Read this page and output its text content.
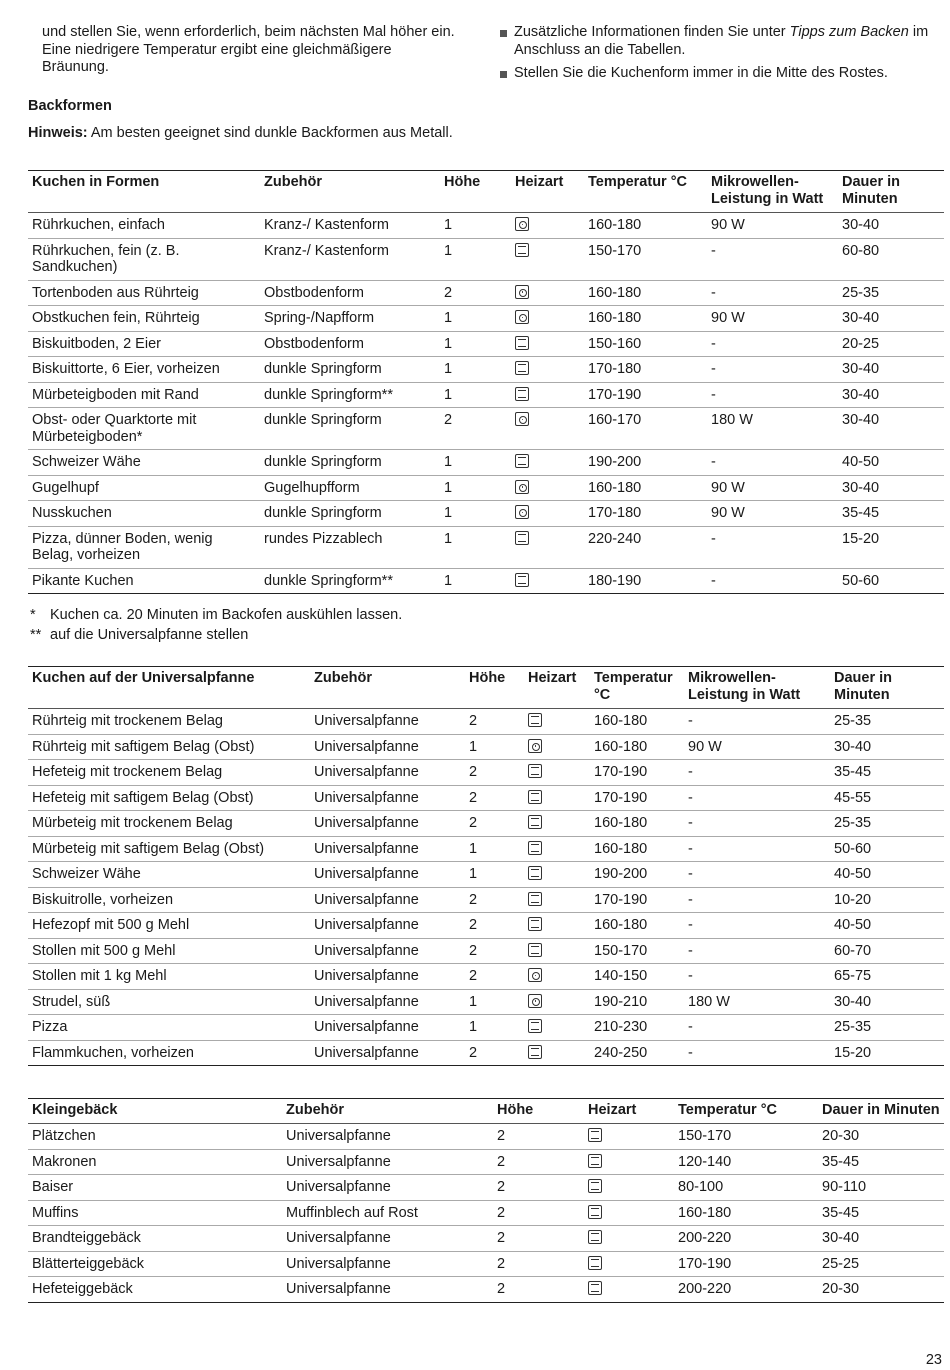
und stellen Sie, wenn erforderlich, beim nächsten Mal höher ein. Eine niedrigere Temperatur ergibt eine gleichmäßigere Bräunung.

Backformen

Hinweis: Am besten geeignet sind dunkle Backformen aus Metall.

Zusätzliche Informationen finden Sie unter Tipps zum Backen im Anschluss an die Tabellen.
Stellen Sie die Kuchenform immer in die Mitte des Rostes.
Kuchen in Formen	Zubehör	Höhe	Heizart	Temperatur °C	Mikrowellen-Leistung in Watt	Dauer in Minuten
Rührkuchen, einfach	Kranz-/ Kastenform	1		160-180	90 W	30-40
Rührkuchen, fein (z. B. Sandkuchen)	Kranz-/ Kastenform	1		150-170	-	60-80
Tortenboden aus Rührteig	Obstbodenform	2		160-180	-	25-35
Obstkuchen fein, Rührteig	Spring-/Napfform	1		160-180	90 W	30-40
Biskuitboden, 2 Eier	Obstbodenform	1		150-160	-	20-25
Biskuittorte, 6 Eier, vorheizen	dunkle Springform	1		170-180	-	30-40
Mürbeteigboden mit Rand	dunkle Springform**	1		170-190	-	30-40
Obst- oder Quarktorte mit Mürbeteigboden*	dunkle Springform	2		160-170	180 W	30-40
Schweizer Wähe	dunkle Springform	1		190-200	-	40-50
Gugelhupf	Gugelhupfform	1		160-180	90 W	30-40
Nusskuchen	dunkle Springform	1		170-180	90 W	35-45
Pizza, dünner Boden, wenig Belag, vorheizen	rundes Pizzablech	1		220-240	-	15-20
Pikante Kuchen	dunkle Springform**	1		180-190	-	50-60
* Kuchen ca. 20 Minuten im Backofen auskühlen lassen.
** auf die Universalpfanne stellen
Kuchen auf der Universalpfanne	Zubehör	Höhe	Heizart	Temperatur °C	Mikrowellen-Leistung in Watt	Dauer in Minuten
Rührteig mit trockenem Belag	Universalpfanne	2		160-180	-	25-35
Rührteig mit saftigem Belag (Obst)	Universalpfanne	1		160-180	90 W	30-40
Hefeteig mit trockenem Belag	Universalpfanne	2		170-190	-	35-45
Hefeteig mit saftigem Belag (Obst)	Universalpfanne	2		170-190	-	45-55
Mürbeteig mit trockenem Belag	Universalpfanne	2		160-180	-	25-35
Mürbeteig mit saftigem Belag (Obst)	Universalpfanne	1		160-180	-	50-60
Schweizer Wähe	Universalpfanne	1		190-200	-	40-50
Biskuitrolle, vorheizen	Universalpfanne	2		170-190	-	10-20
Hefezopf mit 500 g Mehl	Universalpfanne	2		160-180	-	40-50
Stollen mit 500 g Mehl	Universalpfanne	2		150-170	-	60-70
Stollen mit 1 kg Mehl	Universalpfanne	2		140-150	-	65-75
Strudel, süß	Universalpfanne	1		190-210	180 W	30-40
Pizza	Universalpfanne	1		210-230	-	25-35
Flammkuchen, vorheizen	Universalpfanne	2		240-250	-	15-20
Kleingebäck	Zubehör	Höhe	Heizart	Temperatur °C	Dauer in Minuten
Plätzchen	Universalpfanne	2		150-170	20-30
Makronen	Universalpfanne	2		120-140	35-45
Baiser	Universalpfanne	2		80-100	90-110
Muffins	Muffinblech auf Rost	2		160-180	35-45
Brandteiggebäck	Universalpfanne	2		200-220	30-40
Blätterteiggebäck	Universalpfanne	2		170-190	25-25
Hefeteiggebäck	Universalpfanne	2		200-220	20-30
23
